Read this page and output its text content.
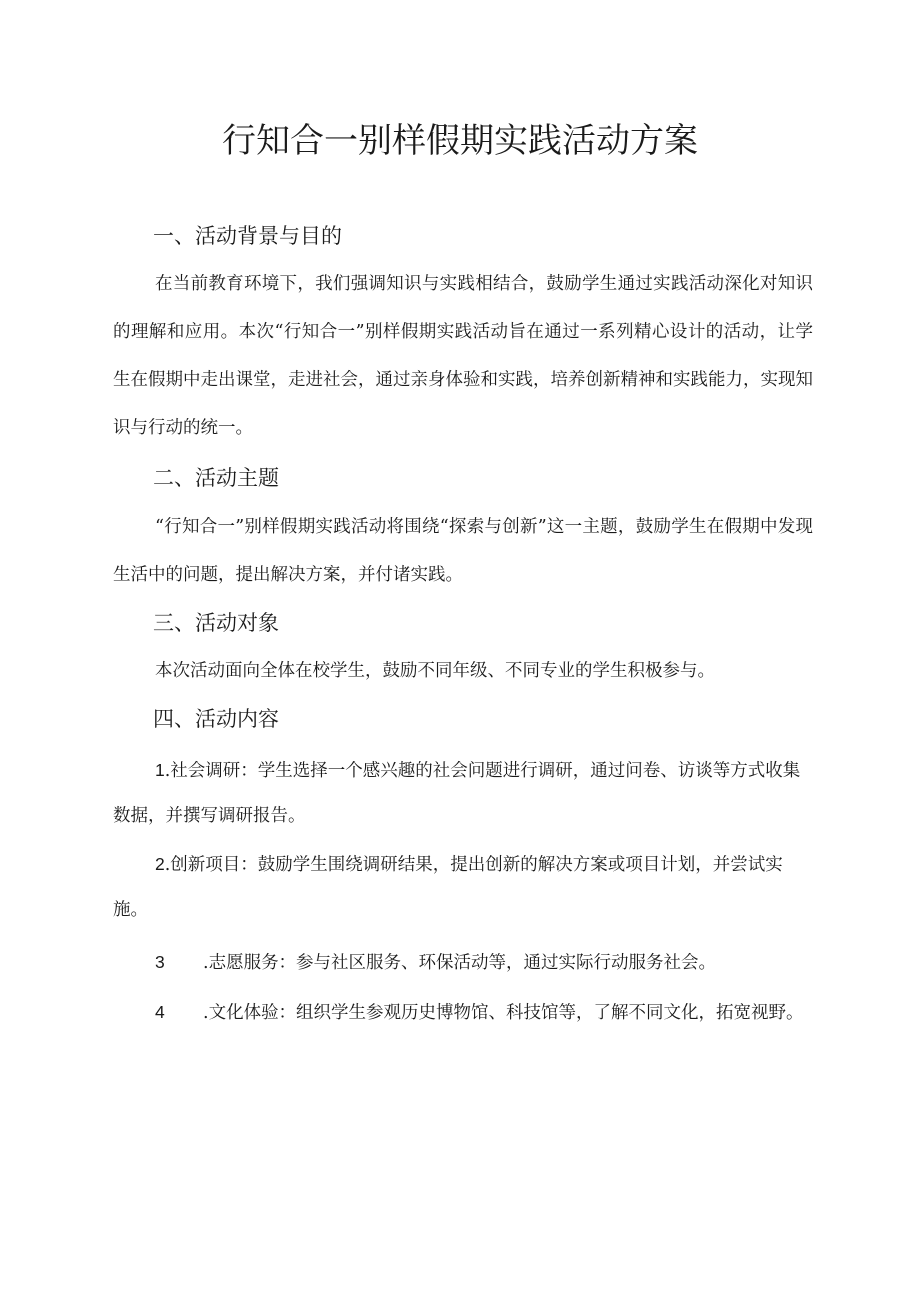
行知合一别样假期实践活动方案
一、活动背景与目的

在当前教育环境下，我们强调知识与实践相结合，鼓励学生通过实践活动深化对知识的理解和应用。本次“行知合一”别样假期实践活动旨在通过一系列精心设计的活动，让学生在假期中走出课堂，走进社会，通过亲身体验和实践，培养创新精神和实践能力，实现知识与行动的统一。

二、活动主题

“行知合一”别样假期实践活动将围绕“探索与创新”这一主题，鼓励学生在假期中发现生活中的问题，提出解决方案，并付诸实践。

三、活动对象

本次活动面向全体在校学生，鼓励不同年级、不同专业的学生积极参与。

四、活动内容

1.社会调研：学生选择一个感兴趣的社会问题进行调研，通过问卷、访谈等方式收集数据，并撰写调研报告。

2.创新项目：鼓励学生围绕调研结果，提出创新的解决方案或项目计划，并尝试实施。

3 .志愿服务：参与社区服务、环保活动等，通过实际行动服务社会。

4 .文化体验：组织学生参观历史博物馆、科技馆等，了解不同文化，拓宽视野。
